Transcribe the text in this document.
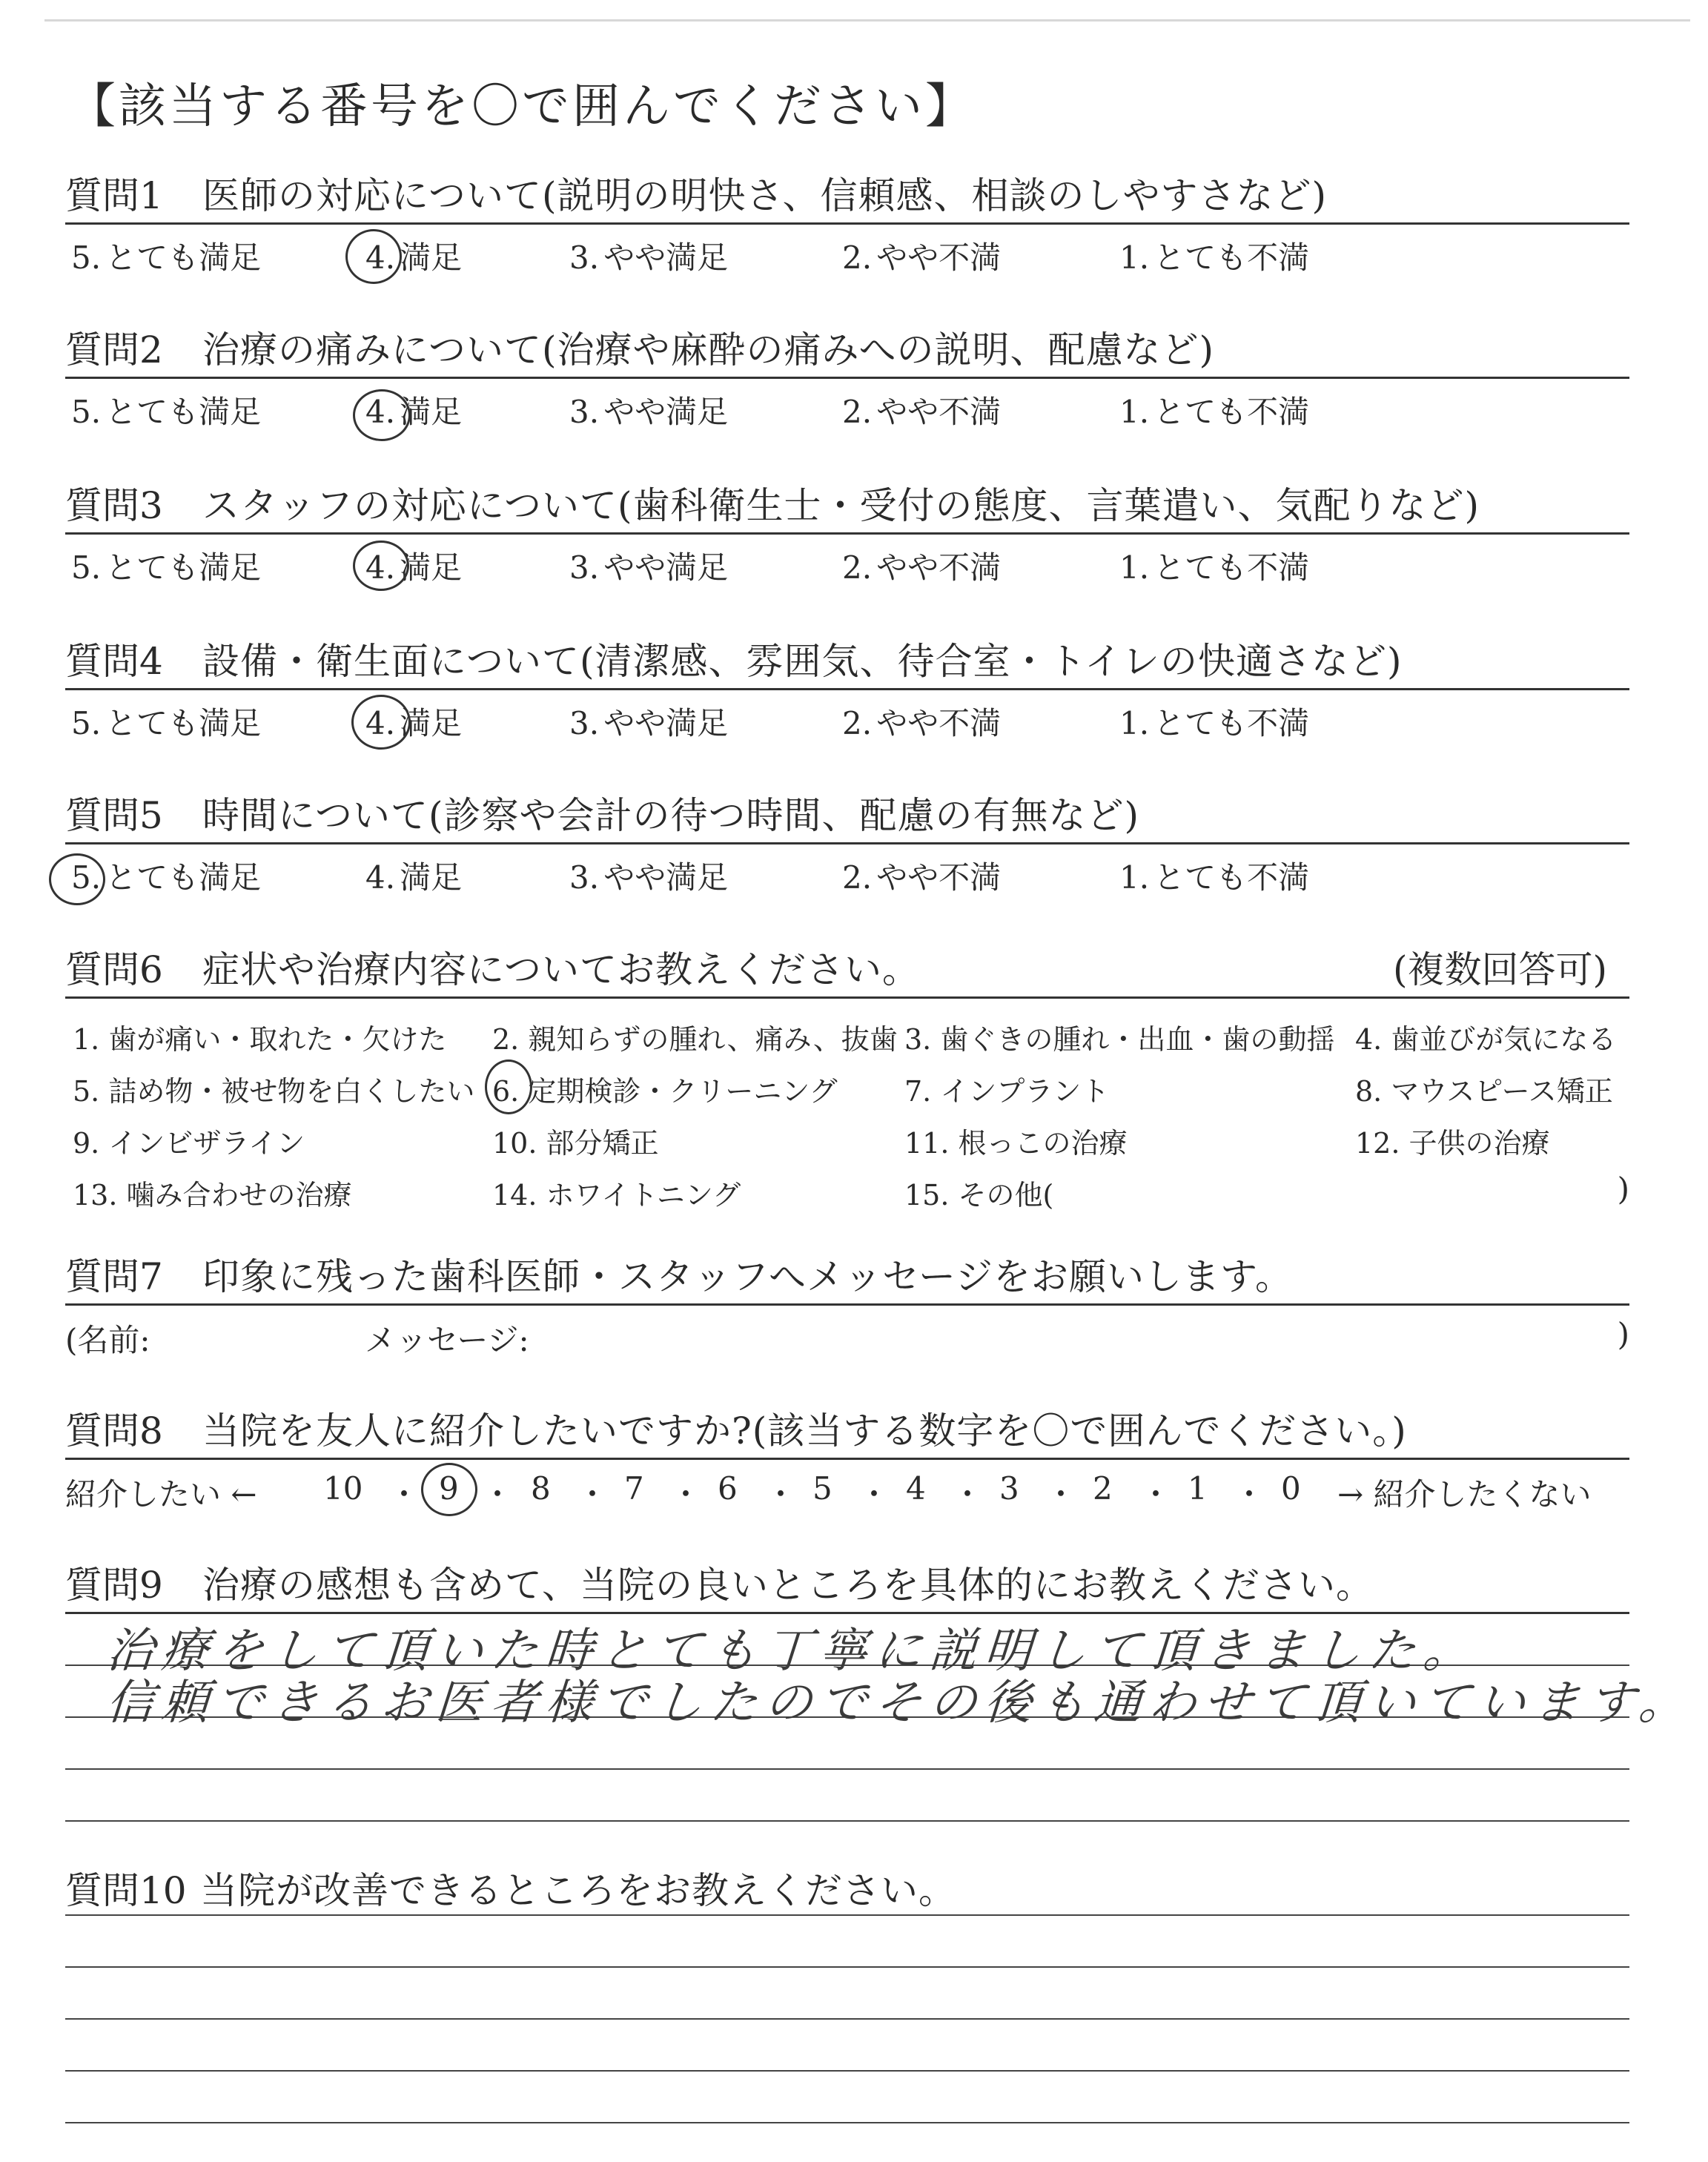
【該当する番号を〇で囲んでください】
質問1 医師の対応について(説明の明快さ、信頼感、相談のしやすさなど)
5. とても満足	4. 満足	3. やや満足	2. やや不満	1. とても不満
質問2 治療の痛みについて(治療や麻酔の痛みへの説明、配慮など)
5. とても満足	4. 満足	3. やや満足	2. やや不満	1. とても不満
質問3 スタッフの対応について(歯科衛生士・受付の態度、言葉遣い、気配りなど)
5. とても満足	4. 満足	3. やや満足	2. やや不満	1. とても不満
質問4 設備・衛生面について(清潔感、雰囲気、待合室・トイレの快適さなど)
5. とても満足	4. 満足	3. やや満足	2. やや不満	1. とても不満
質問5 時間について(診察や会計の待つ時間、配慮の有無など)
5. とても満足	4. 満足	3. やや満足	2. やや不満	1. とても不満
質問6 症状や治療内容についてお教えください。	(複数回答可)
1. 歯が痛い・取れた・欠けた 2. 親知らずの腫れ、痛み、抜歯 3. 歯ぐきの腫れ・出血・歯の動揺 4. 歯並びが気になる
5. 詰め物・被せ物を白くしたい 6. 定期検診・クリーニング 7. インプラント	8. マウスピース矯正
9. インビザライン	10. 部分矯正	11. 根っこの治療	12. 子供の治療
13. 噛み合わせの治療	14. ホワイトニング	15. その他(	)
質問7 印象に残った歯科医師・スタッフへメッセージをお願いします。
(名前:	メッセージ:	)
質問8 当院を友人に紹介したいですか?(該当する数字を〇で囲んでください。)
紹介したい ← 10 ・ 9 ・ 8 ・ 7 ・ 6 ・ 5 ・ 4 ・ 3 ・ 2 ・ 1 ・ 0 → 紹介したくない
質問9 治療の感想も含めて、当院の良いところを具体的にお教えください。
治療をして頂いた時とても丁寧に説明して頂きました。
信頼できるお医者様でしたのでその後も通わせて頂いています。
質問10 当院が改善できるところをお教えください。
